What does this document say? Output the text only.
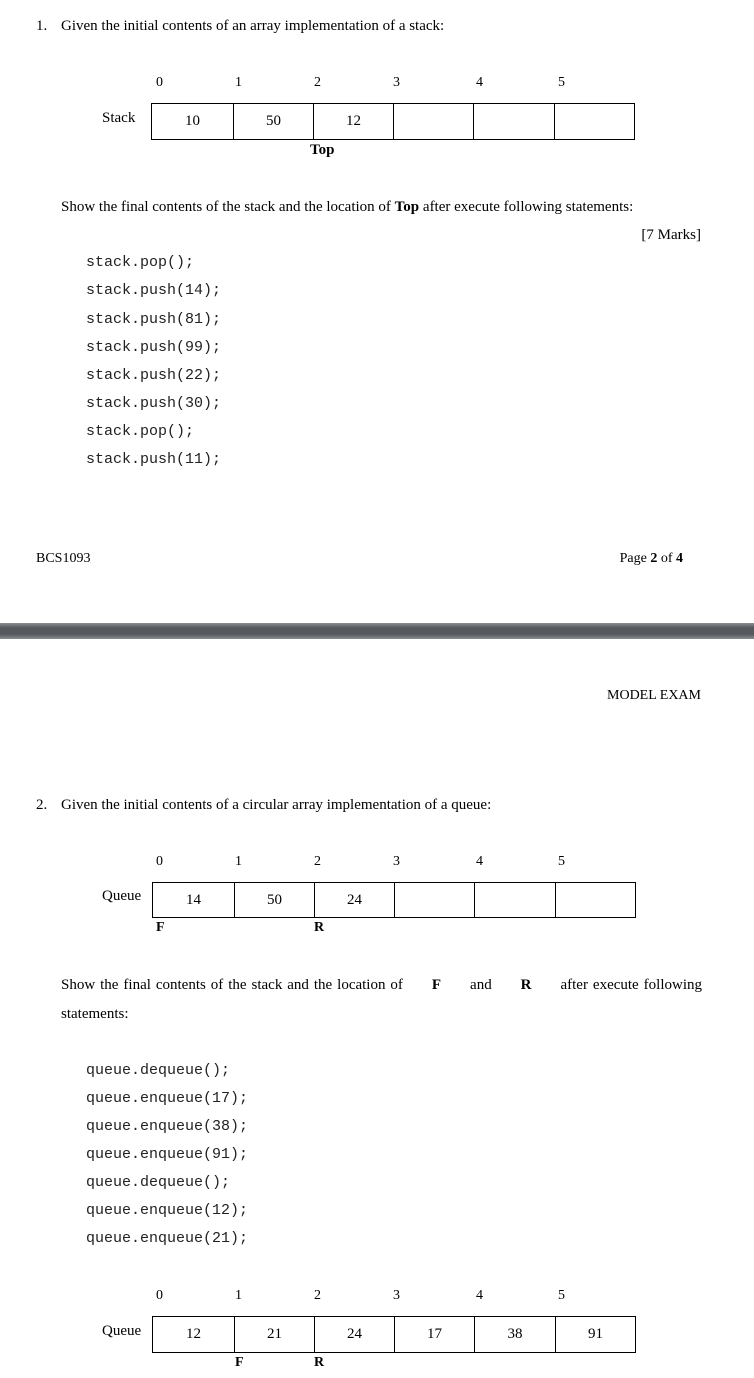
1. Given the initial contents of an array implementation of a stack:
0	1	2	3	4	5
Stack	10	50	12
Top
Show the final contents of the stack and the location of Top after execute following statements:
[7 Marks]
stack.pop();
stack.push(14);
stack.push(81);
stack.push(99);
stack.push(22);
stack.push(30);
stack.pop();
stack.push(11);
BCS1093	Page 2 of 4
MODEL EXAM
2. Given the initial contents of a circular array implementation of a queue:
0	1	2	3	4	5
Queue	14	50	24
F	R
Show the final contents of the stack and the location of F and R after execute following
statements:
queue.dequeue();
queue.enqueue(17);
queue.enqueue(38);
queue.enqueue(91);
queue.dequeue();
queue.enqueue(12);
queue.enqueue(21);
0	1	2	3	4	5
Queue	12	21	24	17	38	91
F	R
